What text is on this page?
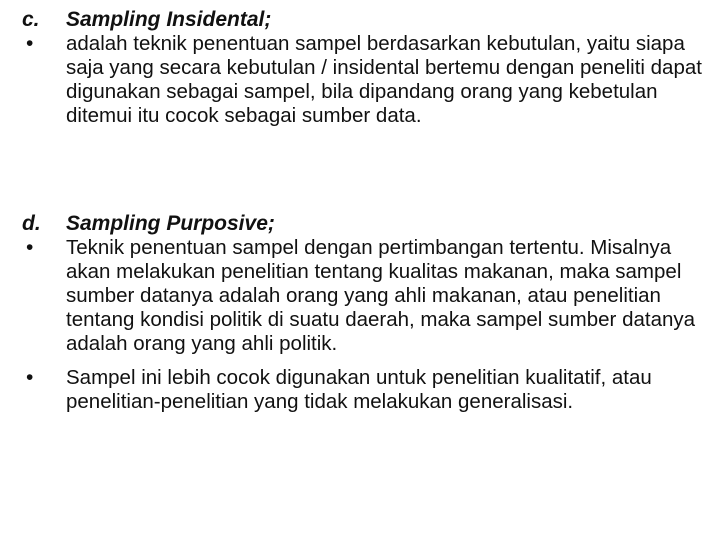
c.	Sampling Insidental;
•	adalah teknik penentuan sampel berdasarkan kebutulan, yaitu siapa saja yang secara kebutulan / insidental bertemu dengan peneliti dapat digunakan sebagai sampel, bila dipandang orang yang kebetulan ditemui itu cocok sebagai sumber data.
d.	Sampling Purposive;
•	Teknik penentuan sampel dengan pertimbangan tertentu. Misalnya akan melakukan penelitian tentang kualitas makanan, maka sampel sumber datanya adalah orang yang ahli makanan, atau penelitian tentang kondisi politik di suatu daerah, maka sampel sumber datanya adalah orang yang ahli politik.
•	Sampel ini lebih cocok digunakan untuk penelitian kualitatif, atau penelitian-penelitian yang tidak melakukan generalisasi.
